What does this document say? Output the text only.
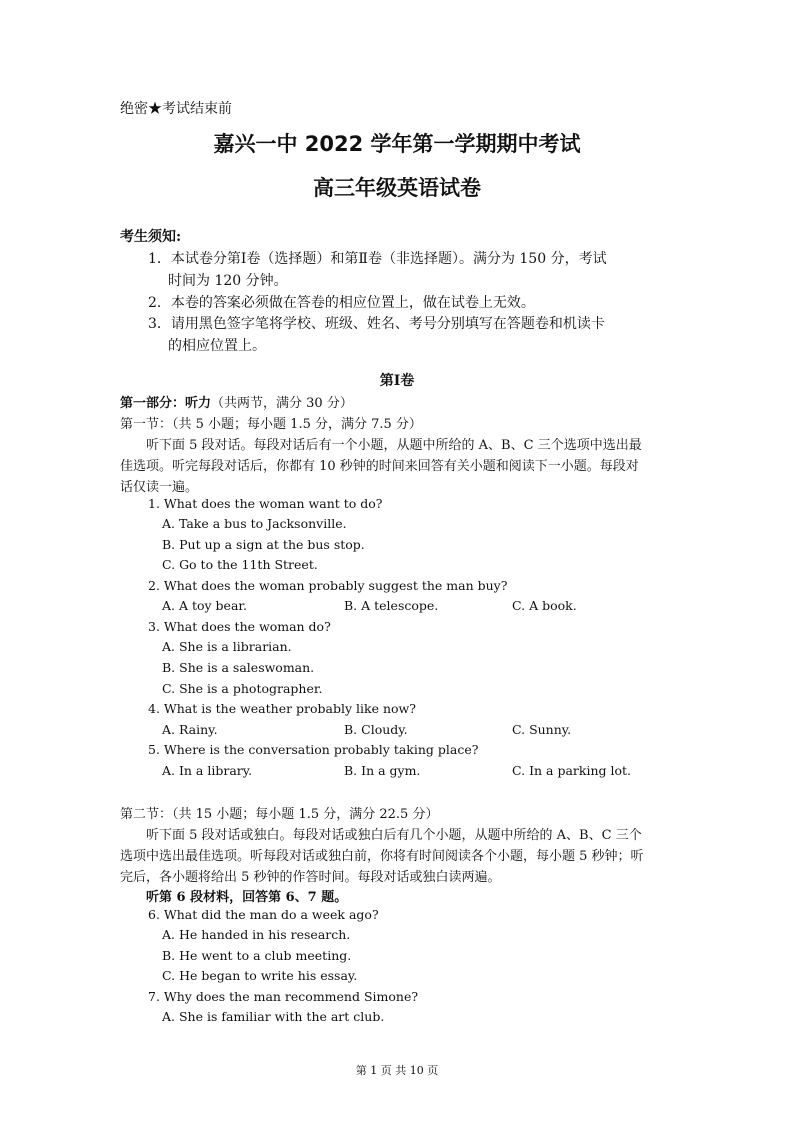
绝密★考试结束前
嘉兴一中 2022 学年第一学期期中考试
高三年级英语试卷
考生须知:
1．本试卷分第Ⅰ卷（选择题）和第Ⅱ卷（非选择题）。满分为 150 分，考试
时间为 120 分钟。
2．本卷的答案必须做在答卷的相应位置上，做在试卷上无效。
3．请用黑色签字笔将学校、班级、姓名、考号分别填写在答题卷和机读卡
的相应位置上。
第Ⅰ卷
第一部分：听力（共两节，满分 30 分）
第一节：（共 5 小题；每小题 1.5 分，满分 7.5 分）
听下面 5 段对话。每段对话后有一个小题，从题中所给的 A、B、C 三个选项中选出最
佳选项。听完每段对话后，你都有 10 秒钟的时间来回答有关小题和阅读下一小题。每段对
话仅读一遍。
1. What does the woman want to do?
A. Take a bus to Jacksonville.
B. Put up a sign at the bus stop.
C. Go to the 11th Street.
2. What does the woman probably suggest the man buy?
A. A toy bear.	B. A telescope.	C. A book.
3. What does the woman do?
A. She is a librarian.
B. She is a saleswoman.
C. She is a photographer.
4. What is the weather probably like now?
A. Rainy.	B. Cloudy.	C. Sunny.
5. Where is the conversation probably taking place?
A. In a library.	B. In a gym.	C. In a parking lot.
第二节：（共 15 小题；每小题 1.5 分，满分 22.5 分）
听下面 5 段对话或独白。每段对话或独白后有几个小题，从题中所给的 A、B、C 三个
选项中选出最佳选项。听每段对话或独白前，你将有时间阅读各个小题，每小题 5 秒钟；听
完后，各小题将给出 5 秒钟的作答时间。每段对话或独白读两遍。
听第 6 段材料，回答第 6、7 题。
6. What did the man do a week ago?
A. He handed in his research.
B. He went to a club meeting.
C. He began to write his essay.
7. Why does the man recommend Simone?
A. She is familiar with the art club.
第 1 页 共 10 页
